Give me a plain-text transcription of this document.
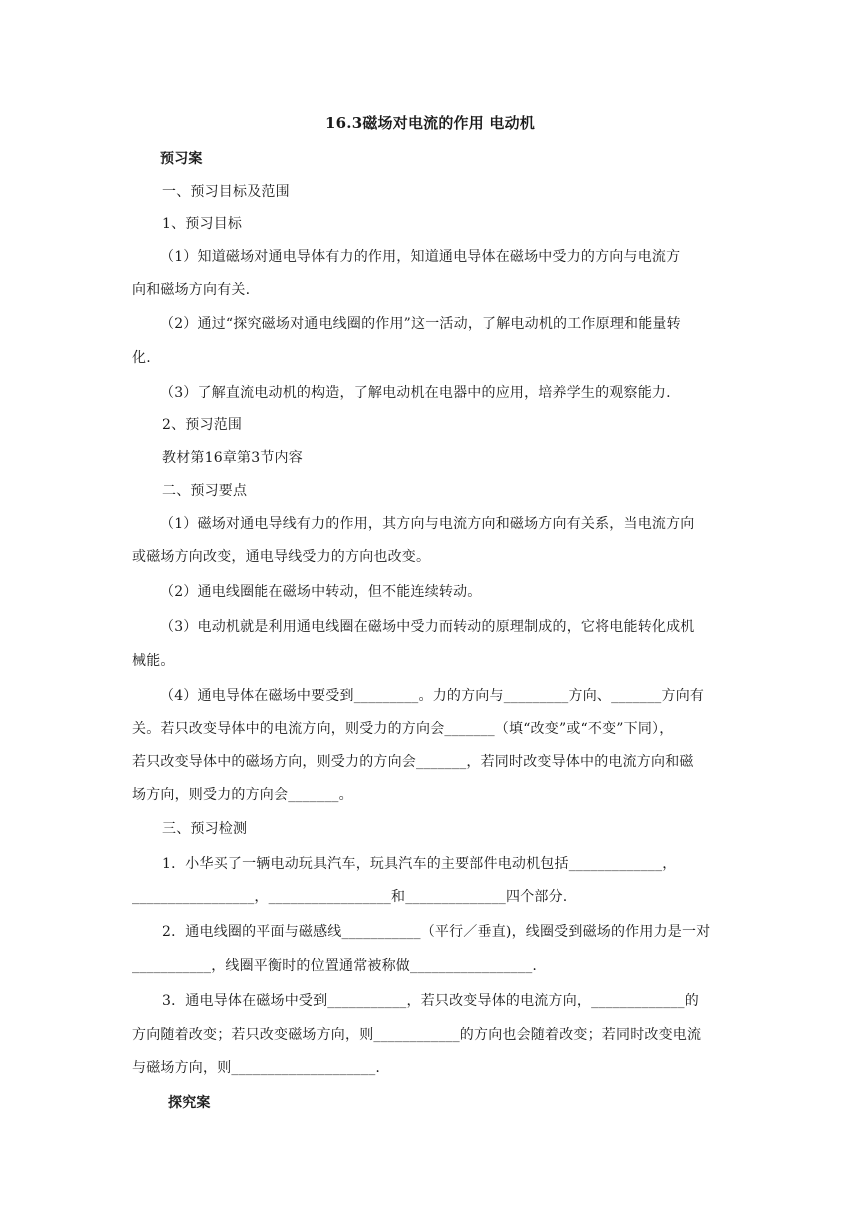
16.3磁场对电流的作用 电动机
预习案
一、预习目标及范围
1、预习目标
（1）知道磁场对通电导体有力的作用，知道通电导体在磁场中受力的方向与电流方
向和磁场方向有关.
（2）通过“探究磁场对通电线圈的作用”这一活动，了解电动机的工作原理和能量转
化.
（3）了解直流电动机的构造，了解电动机在电器中的应用，培养学生的观察能力.
2、预习范围
教材第16章第3节内容
二、预习要点
（1）磁场对通电导线有力的作用，其方向与电流方向和磁场方向有关系，当电流方向
或磁场方向改变，通电导线受力的方向也改变。
（2）通电线圈能在磁场中转动，但不能连续转动。
（3）电动机就是利用通电线圈在磁场中受力而转动的原理制成的，它将电能转化成机
械能。
（4）通电导体在磁场中要受到_________。力的方向与_________方向、_______方向有
关。若只改变导体中的电流方向，则受力的方向会_______（填“改变”或“不变”下同），
若只改变导体中的磁场方向，则受力的方向会_______，若同时改变导体中的电流方向和磁
场方向，则受力的方向会_______。
三、预习检测
1．小华买了一辆电动玩具汽车，玩具汽车的主要部件电动机包括_____________，
_________________，_________________和______________四个部分.
2．通电线圈的平面与磁感线___________（平行／垂直)，线圈受到磁场的作用力是一对
___________，线圈平衡时的位置通常被称做_________________.
3．通电导体在磁场中受到___________，若只改变导体的电流方向，_____________的
方向随着改变；若只改变磁场方向，则____________的方向也会随着改变；若同时改变电流
与磁场方向，则____________________.
探究案
